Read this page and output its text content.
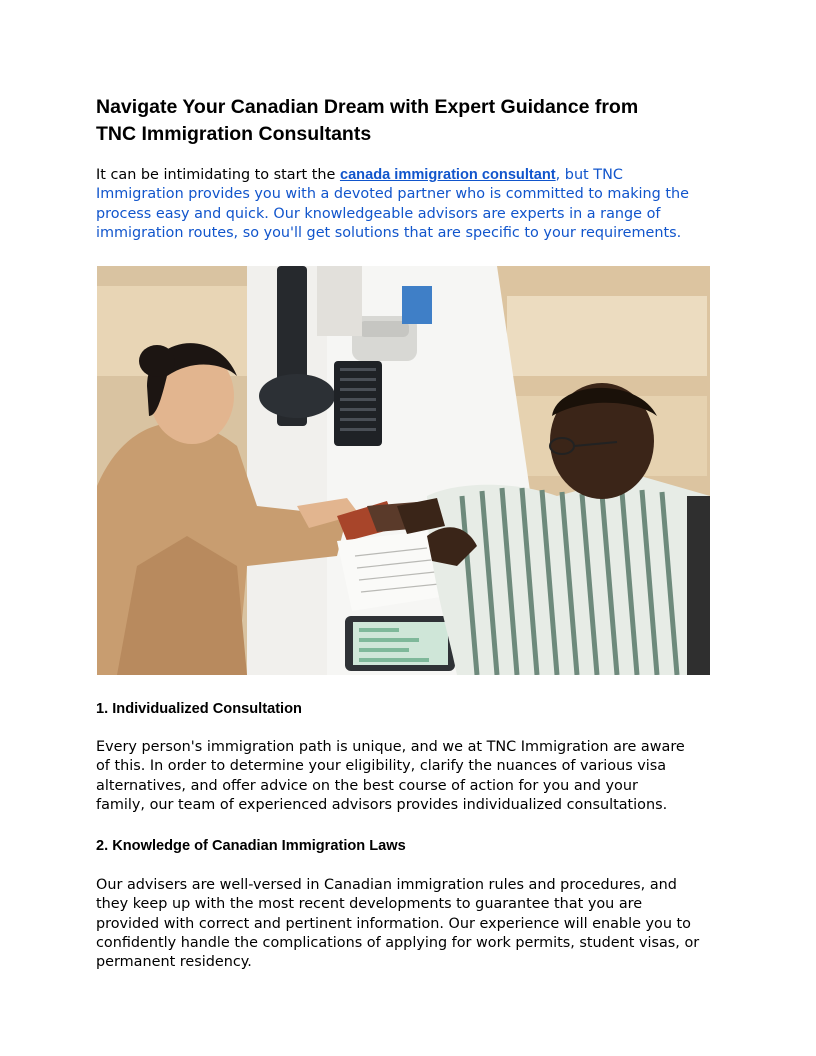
Navigate Your Canadian Dream with Expert Guidance from
TNC Immigration Consultants

It can be intimidating to start the canada immigration consultant, but TNC
Immigration provides you with a devoted partner who is committed to making the
process easy and quick. Our knowledgeable advisors are experts in a range of
immigration routes, so you'll get solutions that are specific to your requirements.

1. Individualized Consultation

Every person's immigration path is unique, and we at TNC Immigration are aware
of this. In order to determine your eligibility, clarify the nuances of various visa
alternatives, and offer advice on the best course of action for you and your
family, our team of experienced advisors provides individualized consultations.

2. Knowledge of Canadian Immigration Laws

Our advisers are well-versed in Canadian immigration rules and procedures, and
they keep up with the most recent developments to guarantee that you are
provided with correct and pertinent information. Our experience will enable you to
confidently handle the complications of applying for work permits, student visas, or
permanent residency.
